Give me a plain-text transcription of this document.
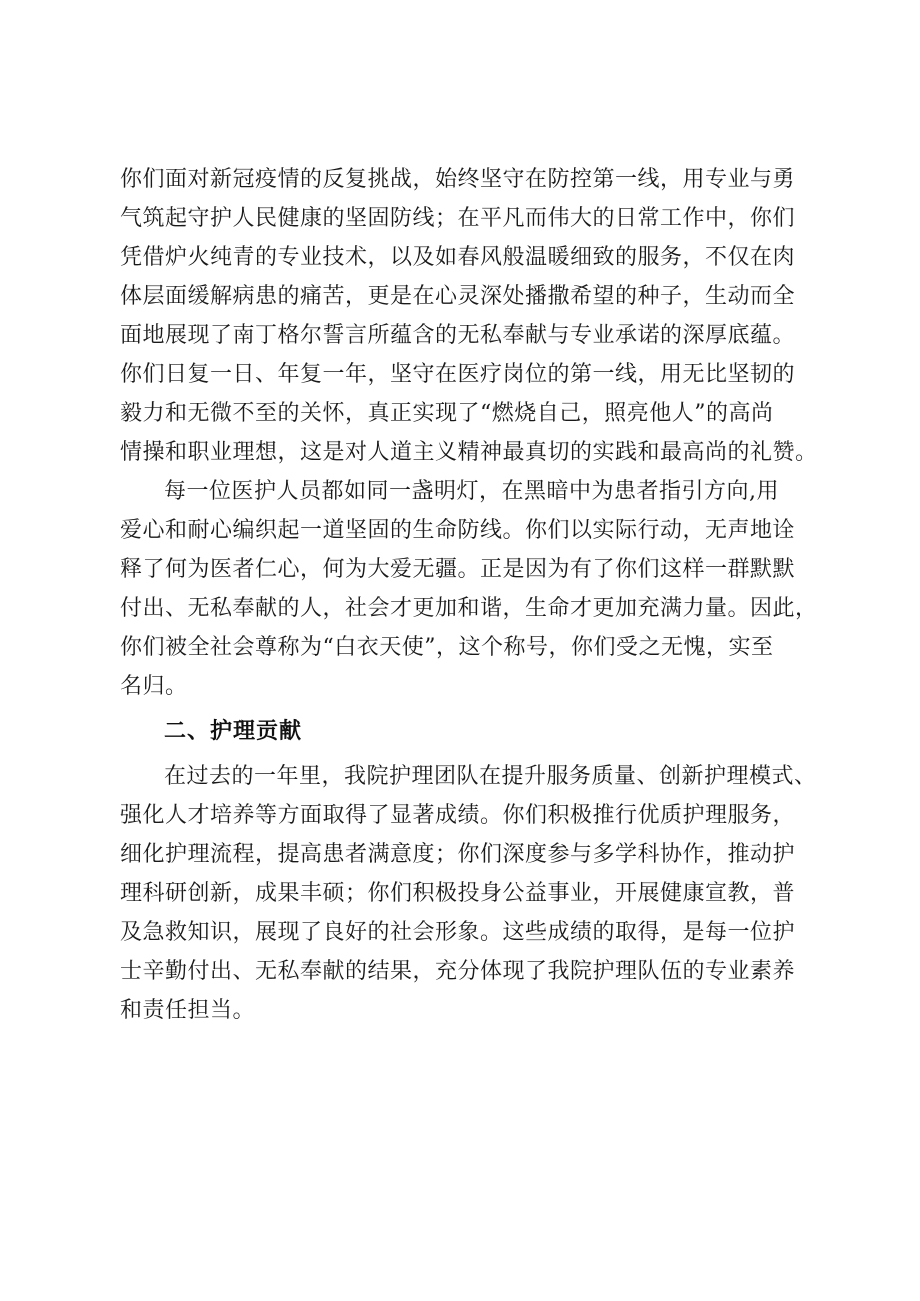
你们面对新冠疫情的反复挑战，始终坚守在防控第一线，用专业与勇
气筑起守护人民健康的坚固防线；在平凡而伟大的日常工作中，你们
凭借炉火纯青的专业技术，以及如春风般温暖细致的服务，不仅在肉
体层面缓解病患的痛苦，更是在心灵深处播撒希望的种子，生动而全
面地展现了南丁格尔誓言所蕴含的无私奉献与专业承诺的深厚底蕴。
你们日复一日、年复一年，坚守在医疗岗位的第一线，用无比坚韧的
毅力和无微不至的关怀，真正实现了“燃烧自己，照亮他人”的高尚
情操和职业理想，这是对人道主义精神最真切的实践和最高尚的礼赞。
每一位医护人员都如同一盏明灯，在黑暗中为患者指引方向,用
爱心和耐心编织起一道坚固的生命防线。你们以实际行动，无声地诠
释了何为医者仁心，何为大爱无疆。正是因为有了你们这样一群默默
付出、无私奉献的人，社会才更加和谐，生命才更加充满力量。因此，
你们被全社会尊称为“白衣天使”，这个称号，你们受之无愧，实至
名归。
二、护理贡献
在过去的一年里，我院护理团队在提升服务质量、创新护理模式、
强化人才培养等方面取得了显著成绩。你们积极推行优质护理服务，
细化护理流程，提高患者满意度；你们深度参与多学科协作，推动护
理科研创新，成果丰硕；你们积极投身公益事业，开展健康宣教，普
及急救知识，展现了良好的社会形象。这些成绩的取得，是每一位护
士辛勤付出、无私奉献的结果，充分体现了我院护理队伍的专业素养
和责任担当。
